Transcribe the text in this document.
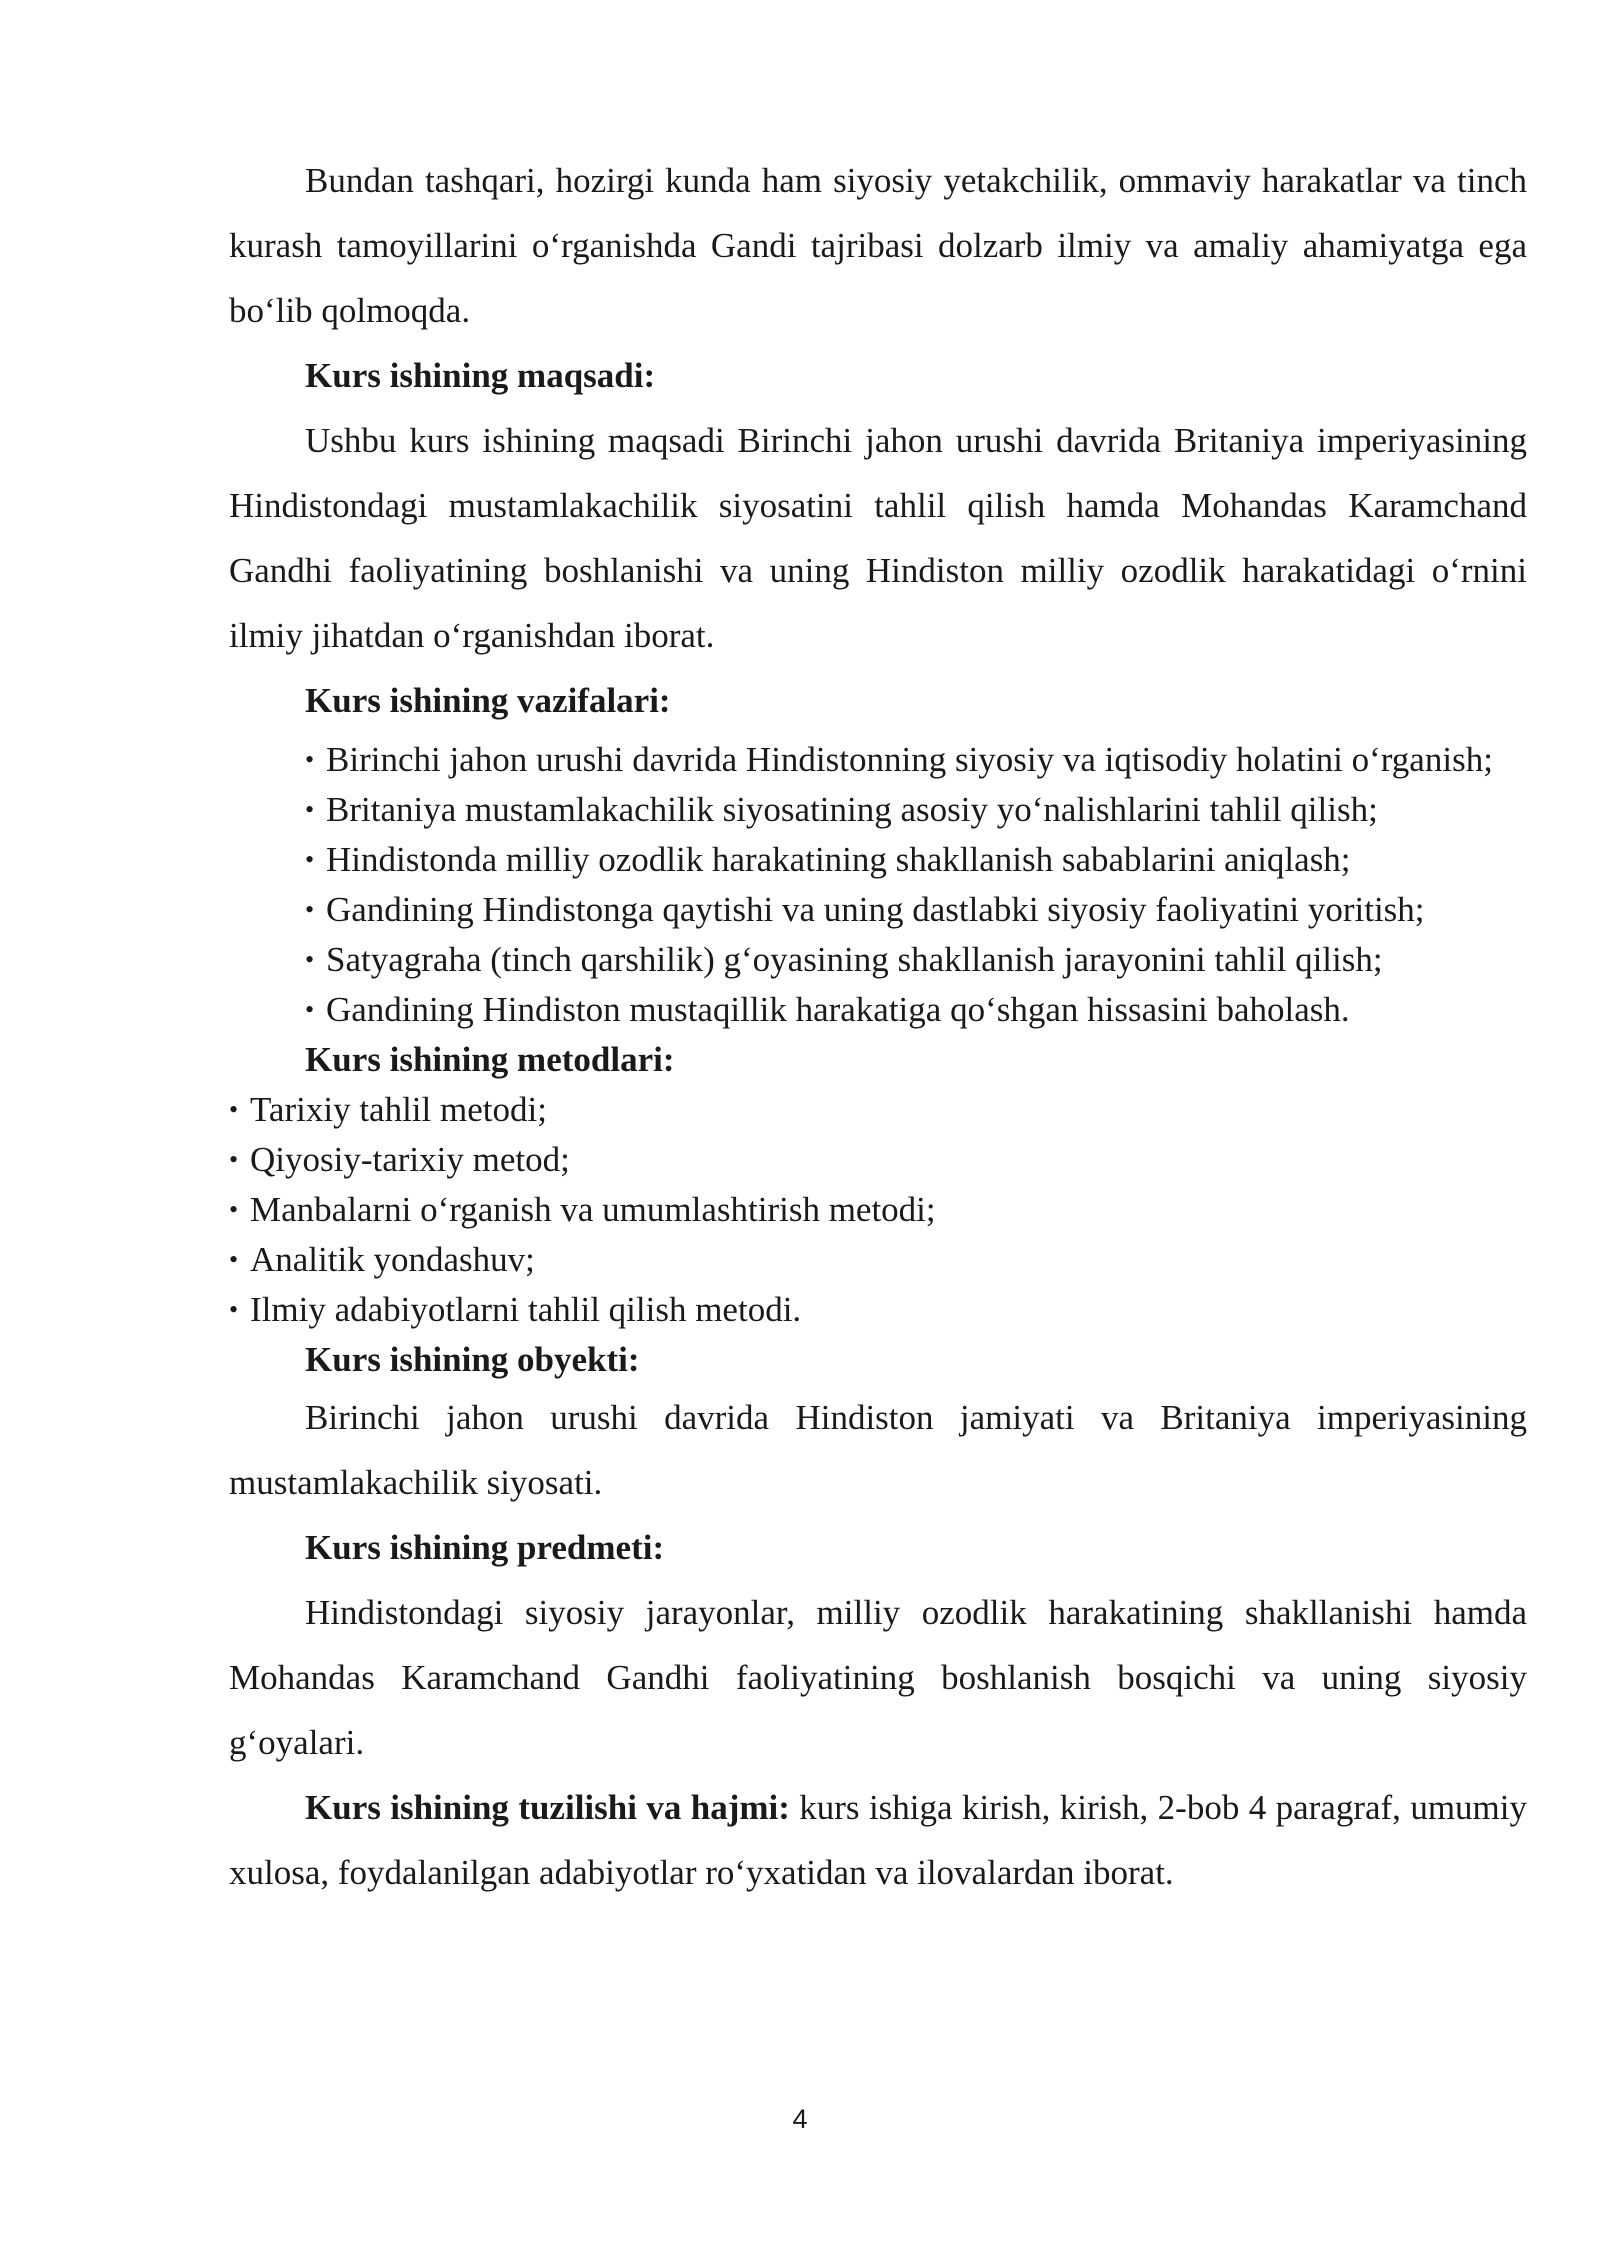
Bundan tashqari, hozirgi kunda ham siyosiy yetakchilik, ommaviy harakatlar va tinch kurash tamoyillarini o‘rganishda Gandi tajribasi dolzarb ilmiy va amaliy ahamiyatga ega bo‘lib qolmoqda.

Kurs ishining maqsadi:

Ushbu kurs ishining maqsadi Birinchi jahon urushi davrida Britaniya imperiyasining Hindistondagi mustamlakachilik siyosatini tahlil qilish hamda Mohandas Karamchand Gandhi faoliyatining boshlanishi va uning Hindiston milliy ozodlik harakatidagi o‘rnini ilmiy jihatdan o‘rganishdan iborat.

Kurs ishining vazifalari:

• Birinchi jahon urushi davrida Hindistonning siyosiy va iqtisodiy holatini o‘rganish;
• Britaniya mustamlakachilik siyosatining asosiy yo‘nalishlarini tahlil qilish;
• Hindistonda milliy ozodlik harakatining shakllanish sabablarini aniqlash;
• Gandining Hindistonga qaytishi va uning dastlabki siyosiy faoliyatini yoritish;
• Satyagraha (tinch qarshilik) g‘oyasining shakllanish jarayonini tahlil qilish;
• Gandining Hindiston mustaqillik harakatiga qo‘shgan hissasini baholash.

Kurs ishining metodlari:

• Tarixiy tahlil metodi;
• Qiyosiy-tarixiy metod;
• Manbalarni o‘rganish va umumlashtirish metodi;
• Analitik yondashuv;
• Ilmiy adabiyotlarni tahlil qilish metodi.

Kurs ishining obyekti:

Birinchi jahon urushi davrida Hindiston jamiyati va Britaniya imperiyasining mustamlakachilik siyosati.

Kurs ishining predmeti:

Hindistondagi siyosiy jarayonlar, milliy ozodlik harakatining shakllanishi hamda Mohandas Karamchand Gandhi faoliyatining boshlanish bosqichi va uning siyosiy g‘oyalari.

Kurs ishining tuzilishi va hajmi: kurs ishiga kirish, kirish, 2-bob 4 paragraf, umumiy xulosa, foydalanilgan adabiyotlar ro‘yxatidan va ilovalardan iborat.

4
